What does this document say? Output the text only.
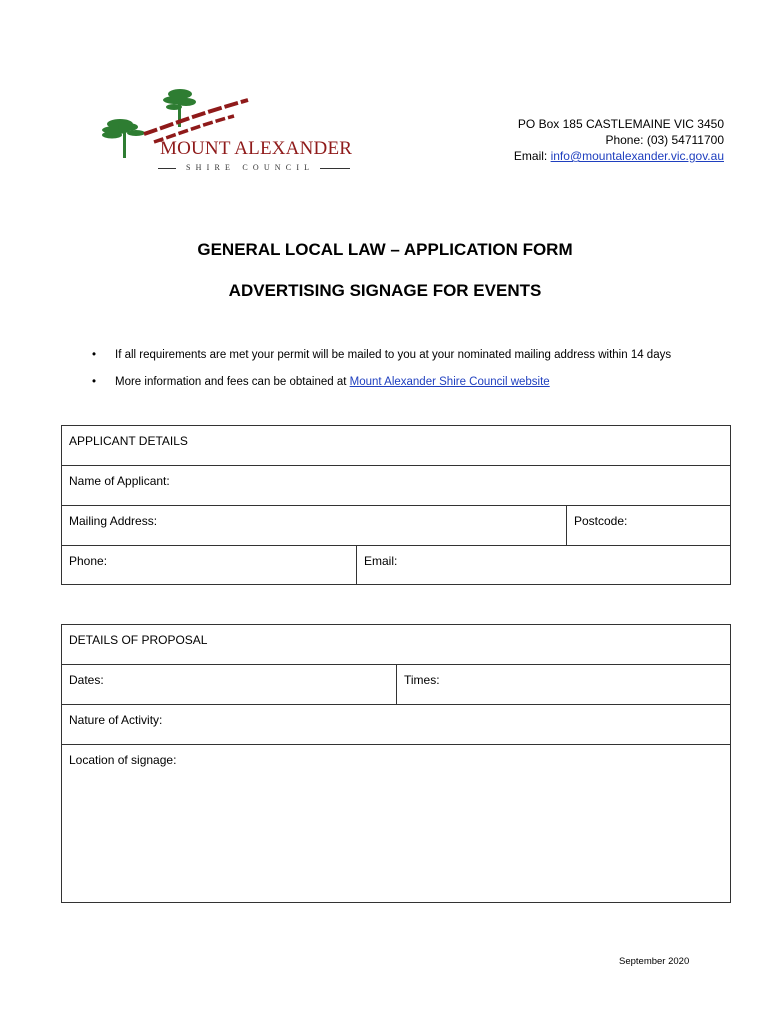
MOUNT ALEXANDER
SHIRE COUNCIL
PO Box 185 CASTLEMAINE VIC 3450
Phone: (03) 54711700
Email: info@mountalexander.vic.gov.au
GENERAL LOCAL LAW – APPLICATION FORM
ADVERTISING SIGNAGE FOR EVENTS
• If all requirements are met your permit will be mailed to you at your nominated mailing address within 14 days
• More information and fees can be obtained at Mount Alexander Shire Council website
APPLICANT DETAILS
Name of Applicant:
Mailing Address:	Postcode:
Phone:	Email:
DETAILS OF PROPOSAL
Dates:	Times:
Nature of Activity:
Location of signage:
September 2020
